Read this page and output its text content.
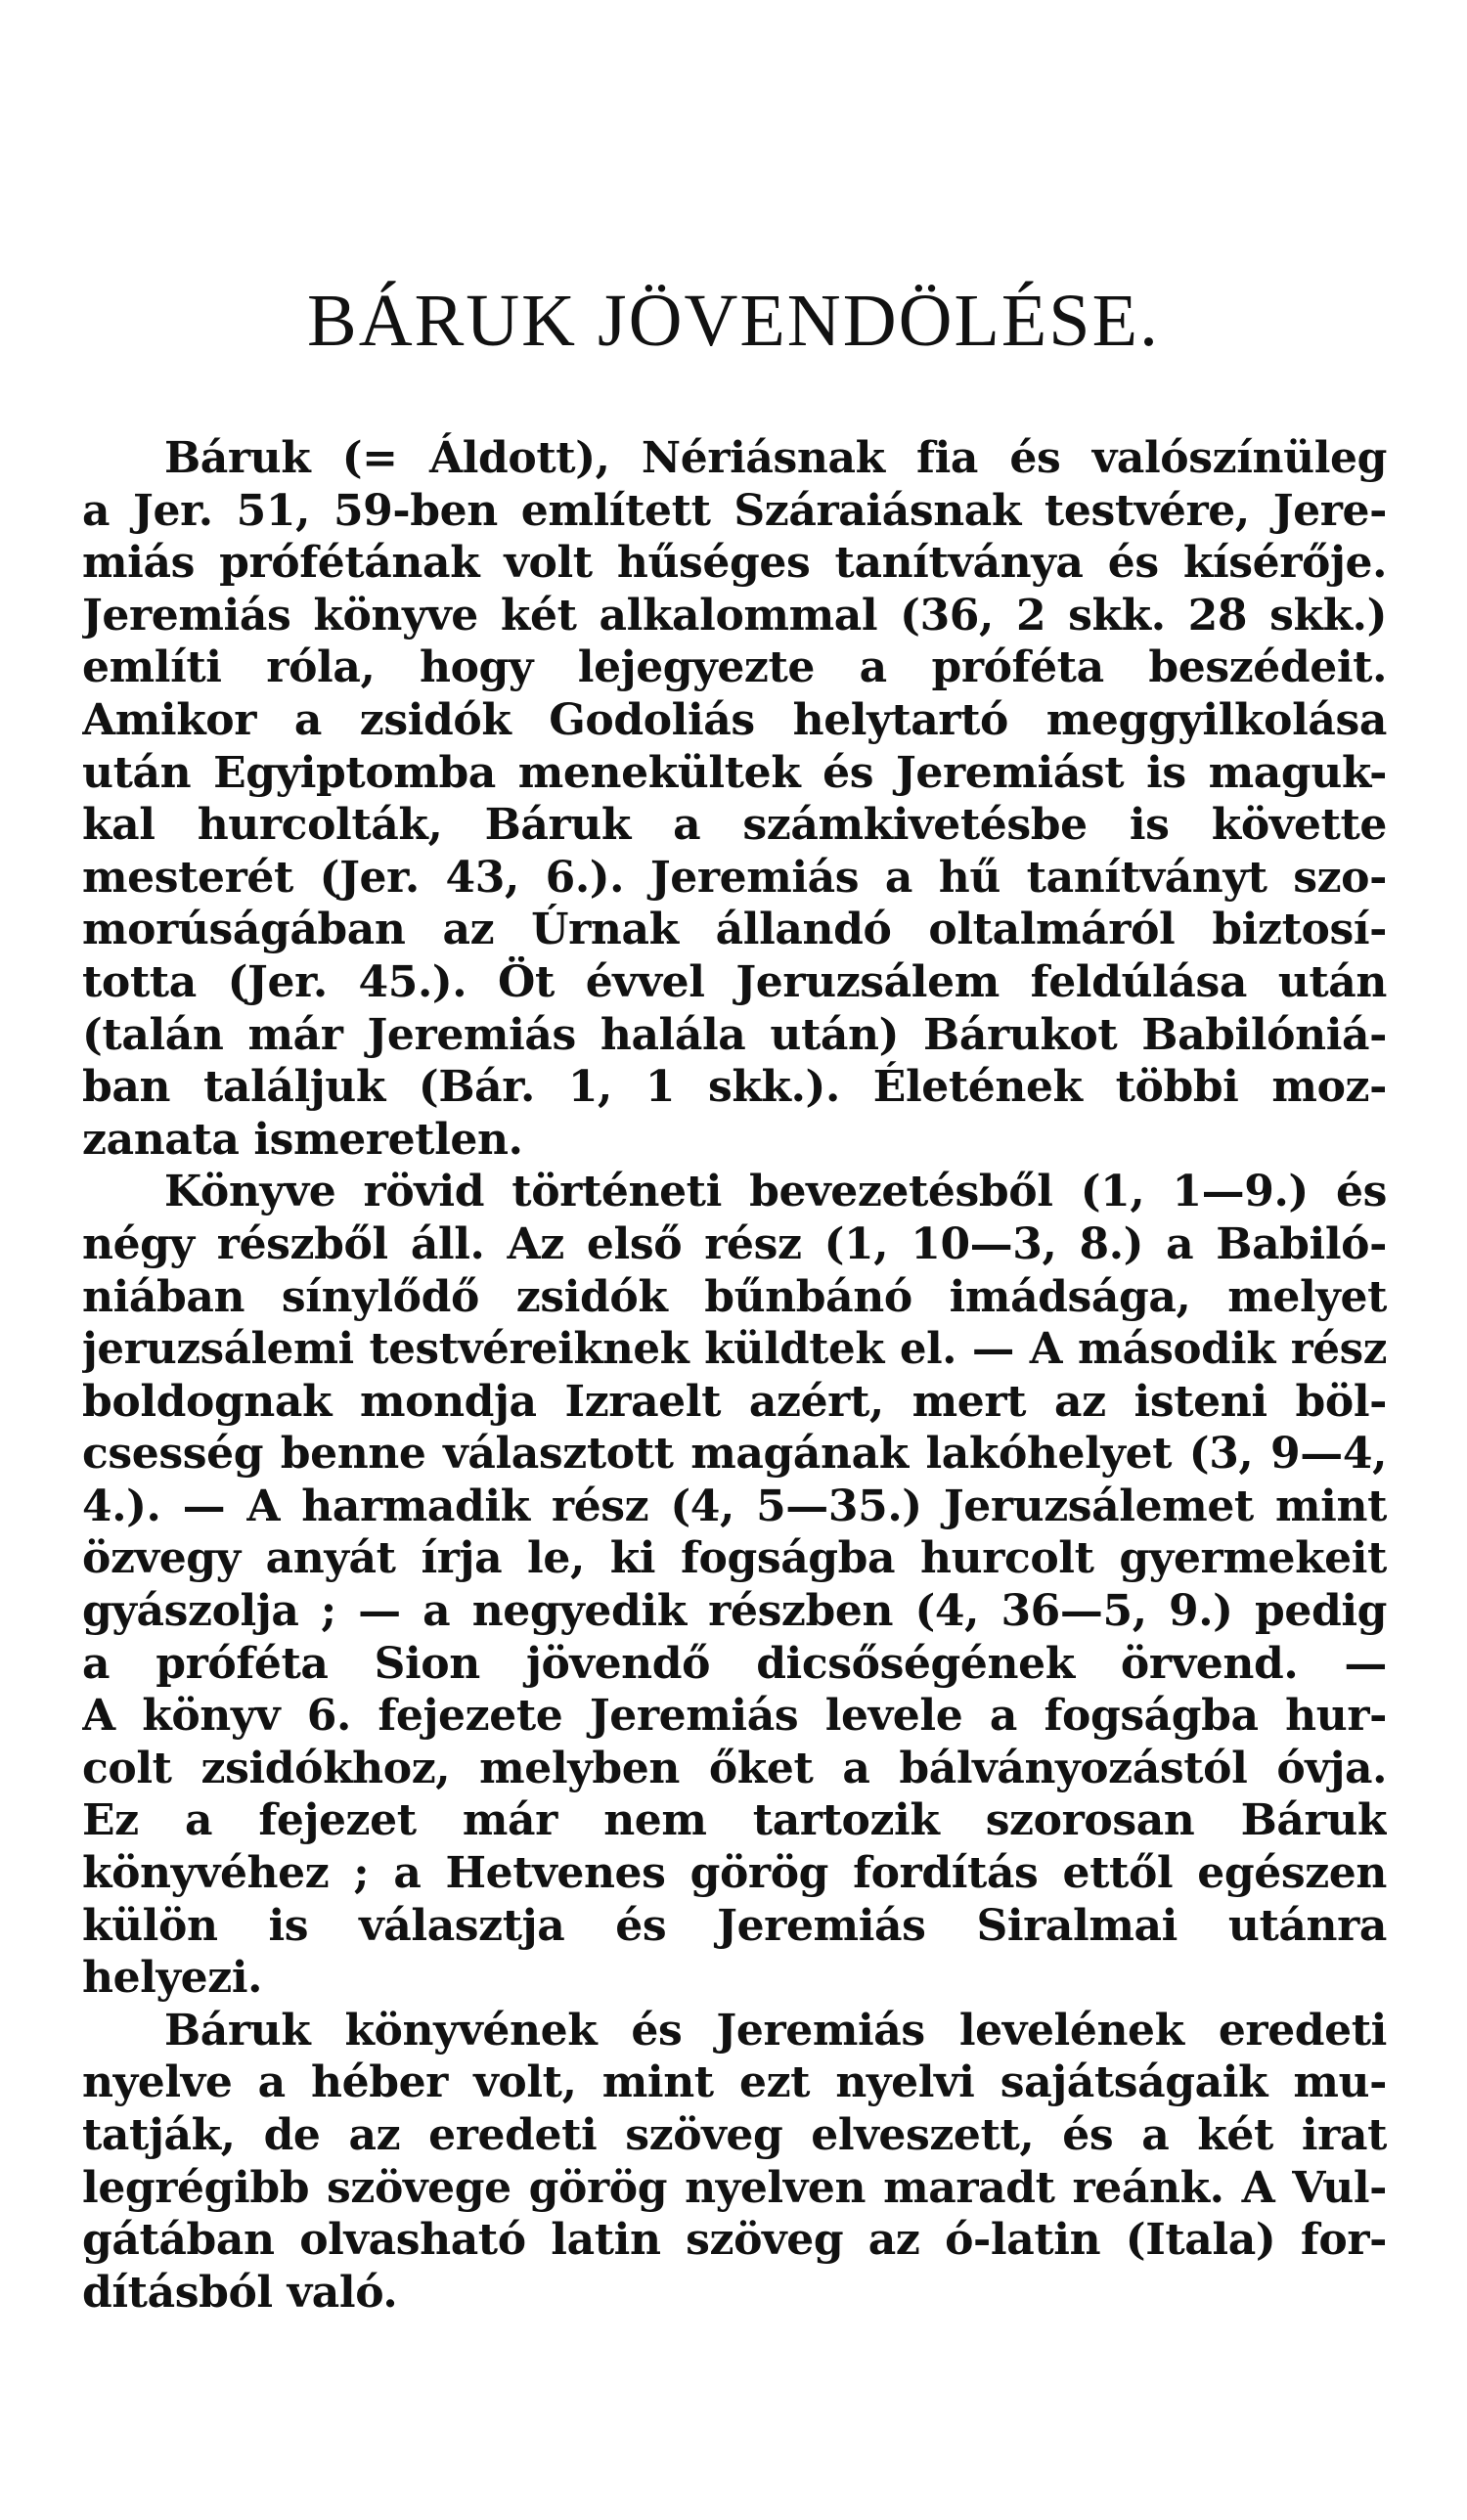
BÁRUK JÖVENDÖLÉSE.
Báruk (= Áldott), Nériásnak fia és valószínüleg
a Jer. 51, 59-ben említett Száraiásnak testvére, Jere-
miás prófétának volt hűséges tanítványa és kísérője.
Jeremiás könyve két alkalommal (36, 2 skk. 28 skk.)
említi róla, hogy lejegyezte a próféta beszédeit.
Amikor a zsidók Godoliás helytartó meggyilkolása
után Egyiptomba menekültek és Jeremiást is maguk-
kal hurcolták, Báruk a számkivetésbe is követte
mesterét (Jer. 43, 6.). Jeremiás a hű tanítványt szo-
morúságában az Úrnak állandó oltalmáról biztosí-
totta (Jer. 45.). Öt évvel Jeruzsálem feldúlása után
(talán már Jeremiás halála után) Bárukot Babilóniá-
ban találjuk (Bár. 1, 1 skk.). Életének többi moz-
zanata ismeretlen.
Könyve rövid történeti bevezetésből (1, 1—9.) és
négy részből áll. Az első rész (1, 10—3, 8.) a Babiló-
niában sínylődő zsidók bűnbánó imádsága, melyet
jeruzsálemi testvéreiknek küldtek el. — A második rész
boldognak mondja Izraelt azért, mert az isteni böl-
csesség benne választott magának lakóhelyet (3, 9—4,
4.). — A harmadik rész (4, 5—35.) Jeruzsálemet mint
özvegy anyát írja le, ki fogságba hurcolt gyermekeit
gyászolja ; — a negyedik részben (4, 36—5, 9.) pedig
a próféta Sion jövendő dicsőségének örvend. —
A könyv 6. fejezete Jeremiás levele a fogságba hur-
colt zsidókhoz, melyben őket a bálványozástól óvja.
Ez a fejezet már nem tartozik szorosan Báruk
könyvéhez ; a Hetvenes görög fordítás ettől egészen
külön is választja és Jeremiás Siralmai utánra
helyezi.
Báruk könyvének és Jeremiás levelének eredeti
nyelve a héber volt, mint ezt nyelvi sajátságaik mu-
tatják, de az eredeti szöveg elveszett, és a két irat
legrégibb szövege görög nyelven maradt reánk. A Vul-
gátában olvasható latin szöveg az ó-latin (Itala) for-
dításból való.
